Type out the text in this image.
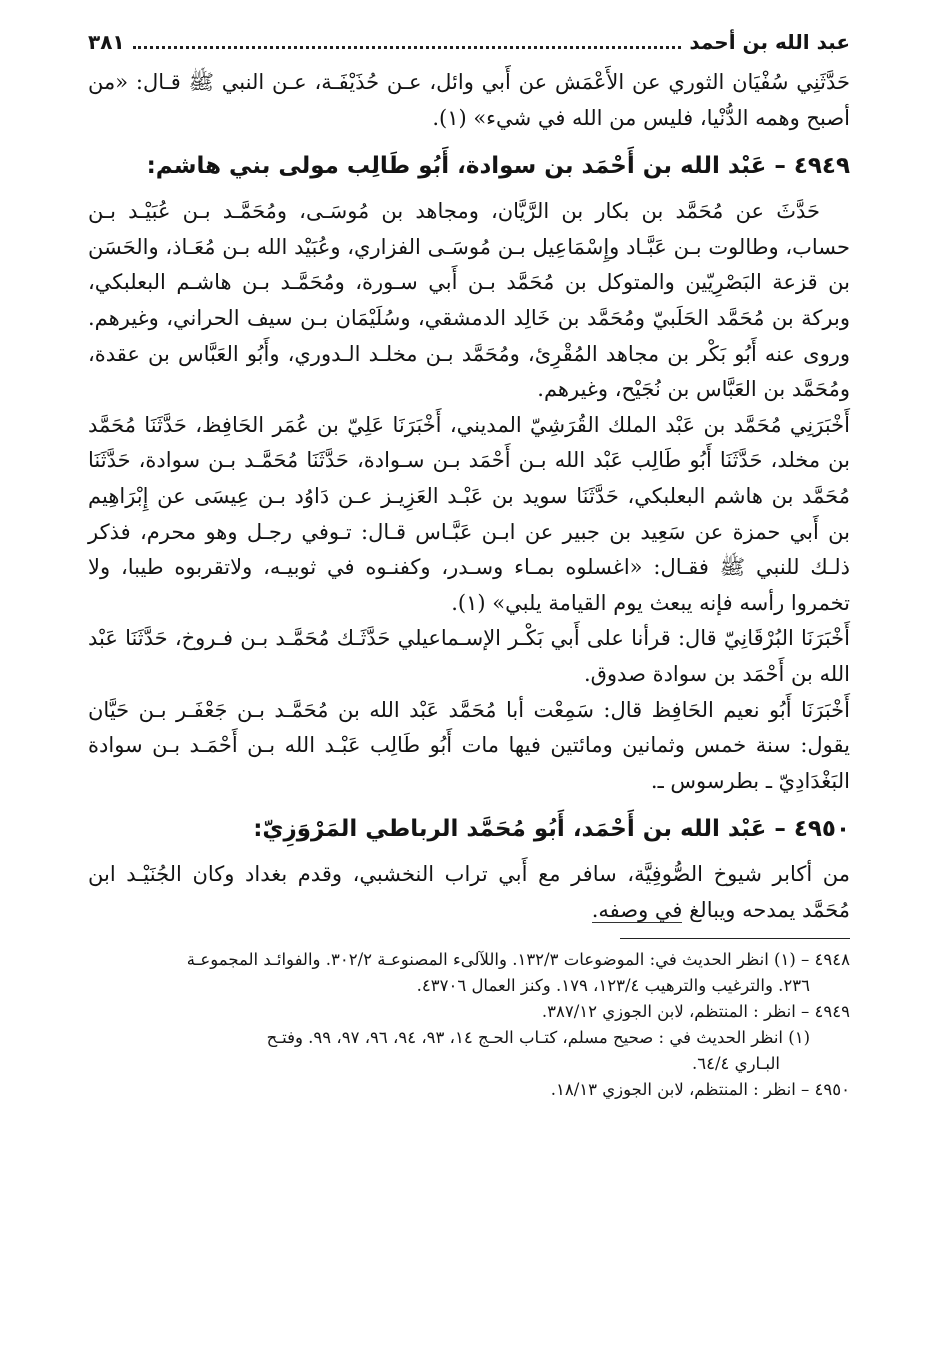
عبد الله بن أحمد
٣٨١

حَدَّثَنِي سُفْيَان الثوري عن الأَعْمَش عن أَبي وائل، عـن حُذَيْفَـة، عـن النبي ﷺ قـال: «من أصبح وهمه الدُّنْيا، فليس من الله في شيء» (١).

٤٩٤٩ – عَبْد الله بن أَحْمَد بن سوادة، أَبُو طَالِب مولى بني هاشم:

حَدَّثَ عن مُحَمَّد بن بكار بن الرَّيَّان، ومجاهد بن مُوسَـى، ومُحَمَّـد بـن عُبَيْـد بـن حساب، وطالوت بـن عَبَّـاد وإِسْمَاعِيل بـن مُوسَـى الفزاري، وعُبَيْد الله بـن مُعَـاذ، والحَسَن بن قزعة البَصْرِيّين والمتوكل بن مُحَمَّد بـن أَبي سـورة، ومُحَمَّـد بـن هاشـم البعلبكي، وبركة بن مُحَمَّد الحَلَبيّ ومُحَمَّد بن خَالِد الدمشقي، وسُلَيْمَان بـن سيف الحراني، وغيرهم. وروى عنه أَبُو بَكْر بن مجاهد المُقْرِئ، ومُحَمَّد بـن مخلـد الـدوري، وأَبُو العَبَّاس بن عقدة، ومُحَمَّد بن العَبَّاس بن نُجَيْح، وغيرهم.

أَخْبَرَنِي مُحَمَّد بن عَبْد الملك القُرَشِيّ المديني، أَخْبَرَنَا عَلِيّ بن عُمَر الحَافِظ، حَدَّثَنَا مُحَمَّد بن مخلد، حَدَّثَنَا أَبُو طَالِب عَبْد الله بـن أَحْمَد بـن سـوادة، حَدَّثَنَا مُحَمَّـد بـن سوادة، حَدَّثَنَا مُحَمَّد بن هاشم البعلبكي، حَدَّثَنَا سويد بن عَبْـد العَزِيـز عـن دَاوُد بـن عِيسَى عن إِبْرَاهِيم بن أَبي حمزة عن سَعِيد بن جبير عن ابـن عَبَّـاس قـال: تـوفي رجـل وهو محرم، فذكر ذلـك للنبي ﷺ فقـال: «اغسلوه بمـاء وسـدر، وكفنـوه في ثوبيـه، ولاتقربوه طيبا، ولا تخمروا رأسه فإنه يبعث يوم القيامة يلبي» (١).

أَخْبَرَنَا البُرْقَانِيّ قال: قرأنا على أَبي بَكْـر الإسـماعيلي حَدَّثَـك مُحَمَّـد بـن فـروخ، حَدَّثَنَا عَبْد الله بن أَحْمَد بن سوادة صدوق.

أَخْبَرَنَا أَبُو نعيم الحَافِظ قال: سَمِعْت أبا مُحَمَّد عَبْد الله بن مُحَمَّـد بـن جَعْفَـر بـن حَيَّان يقول: سنة خمس وثمانين ومائتين فيها مات أَبُو طَالِب عَبْـد الله بـن أَحْمَـد بـن سوادة البَغْدَادِيّ ـ بطرسوس ـ.

٤٩٥٠ – عَبْد الله بن أَحْمَد، أَبُو مُحَمَّد الرباطي المَرْوَزِيّ:

من أكابر شيوخ الصُّوفِيَّة، سافر مع أَبي تراب النخشبي، وقدم بغداد وكان الجُنَيْـد ابن مُحَمَّد يمدحه ويبالغ في وصفه.

٤٩٤٨ – (١) انظر الحديث في: الموضوعات ١٣٢/٣. واللآلىء المصنوعـة ٣٠٢/٢. والفوائـد المجموعـة

٢٣٦. والترغيب والترهيب ١٢٣/٤، ١٧٩. وكنز العمال ٤٣٧٠٦.

٤٩٤٩ – انظر : المنتظم، لابن الجوزي ٣٨٧/١٢.

(١) انظر الحديث في : صحيح مسلم، كتـاب الحـج ١٤، ٩٣، ٩٤، ٩٦، ٩٧، ٩٩. وفتـح

البـاري ٦٤/٤.

٤٩٥٠ – انظر : المنتظم، لابن الجوزي ١٨/١٣.
